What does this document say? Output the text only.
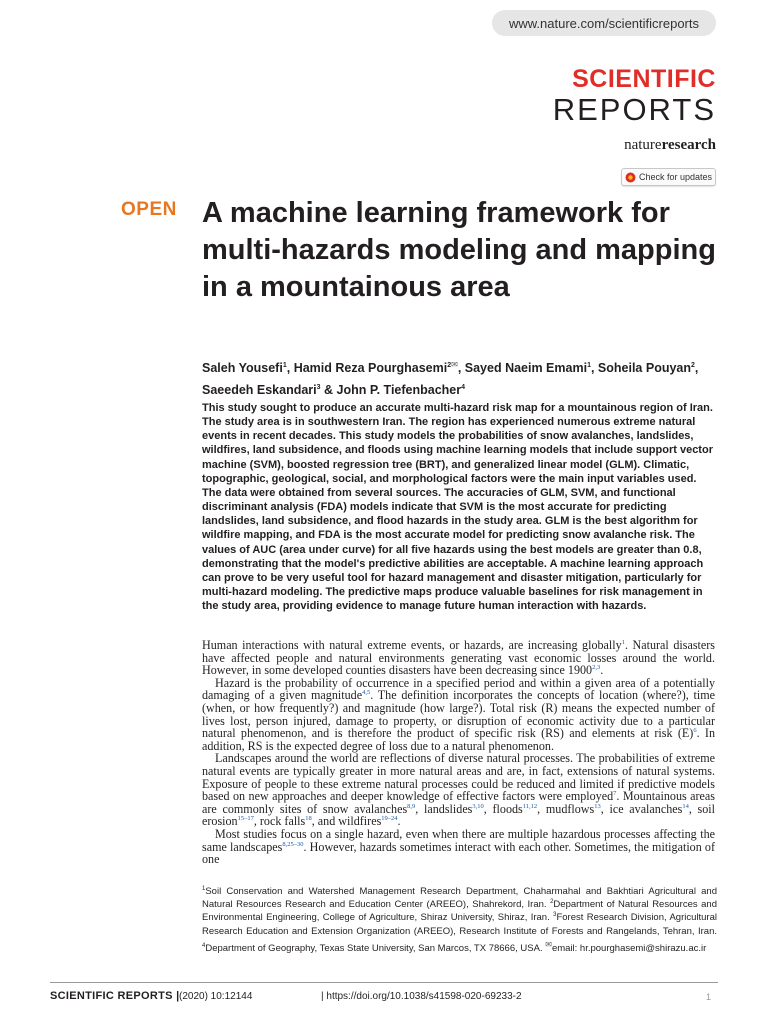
www.nature.com/scientificreports
SCIENTIFIC
REPORTS
natureresearch
Check for updates
OPEN A machine learning framework for multi-hazards modeling and mapping in a mountainous area
Saleh Yousefi$^1$, Hamid Reza Pourghasemi$^2$✉, Sayed Naeim Emami$^1$, Soheila Pouyan$^2$, Saeedeh Eskandari$^3$ & John P. Tiefenbacher$^4$
This study sought to produce an accurate multi-hazard risk map for a mountainous region of Iran. The study area is in southwestern Iran. The region has experienced numerous extreme natural events in recent decades. This study models the probabilities of snow avalanches, landslides, wildfires, land subsidence, and floods using machine learning models that include support vector machine (SVM), boosted regression tree (BRT), and generalized linear model (GLM). Climatic, topographic, geological, social, and morphological factors were the main input variables used. The data were obtained from several sources. The accuracies of GLM, SVM, and functional discriminant analysis (FDA) models indicate that SVM is the most accurate for predicting landslides, land subsidence, and flood hazards in the study area. GLM is the best algorithm for wildfire mapping, and FDA is the most accurate model for predicting snow avalanche risk. The values of AUC (area under curve) for all five hazards using the best models are greater than 0.8, demonstrating that the model's predictive abilities are acceptable. A machine learning approach can prove to be very useful tool for hazard management and disaster mitigation, particularly for multi-hazard modeling. The predictive maps produce valuable baselines for risk management in the study area, providing evidence to manage future human interaction with hazards.

Human interactions with natural extreme events, or hazards, are increasing globally$^1$. Natural disasters have affected people and natural environments generating vast economic losses around the world. However, in some developed counties disasters have been decreasing since 1900$^{2,3}$.

Hazard is the probability of occurrence in a specified period and within a given area of a potentially damaging of a given magnitude$^{4,5}$. The definition incorporates the concepts of location (where?), time (when, or how frequently?) and magnitude (how large?). Total risk (R) means the expected number of lives lost, person injured, damage to property, or disruption of economic activity due to a particular natural phenomenon, and is therefore the product of specific risk (RS) and elements at risk $(E)^6$. In addition, RS is the expected degree of loss due to a natural phenomenon.

Landscapes around the world are reflections of diverse natural processes. The probabilities of extreme natural events are typically greater in more natural areas and are, in fact, extensions of natural systems. Exposure of people to these extreme natural processes could be reduced and limited if predictive models based on new approaches and deeper knowledge of effective factors were employed$^7$. Mountainous areas are commonly sites of snow avalanches$^{8,9}$, landslides$^{3,10}$, floods$^{11,12}$, mudflows$^{13}$, ice avalanches$^{14}$, soil erosion$^{15-17}$, rock falls$^{18}$, and wildfires$^{19-24}$.

Most studies focus on a single hazard, even when there are multiple hazardous processes affecting the same landscapes$^{8,25-30}$. However, hazards sometimes interact with each other. Sometimes, the mitigation of one

$^1$Soil Conservation and Watershed Management Research Department, Chaharmahal and Bakhtiari Agricultural and Natural Resources Research and Education Center (AREEO), Shahrekord, Iran. $^2$Department of Natural Resources and Environmental Engineering, College of Agriculture, Shiraz University, Shiraz, Iran. $^3$Forest Research Division, Agricultural Research Education and Extension Organization (AREEO), Research Institute of Forests and Rangelands, Tehran, Iran. $^4$Department of Geography, Texas State University, San Marcos, TX 78666, USA. ✉email: hr.pourghasemi@shirazu.ac.ir
SCIENTIFIC REPORTS | (2020) 10:12144	| https://doi.org/10.1038/s41598-020-69233-2	1
